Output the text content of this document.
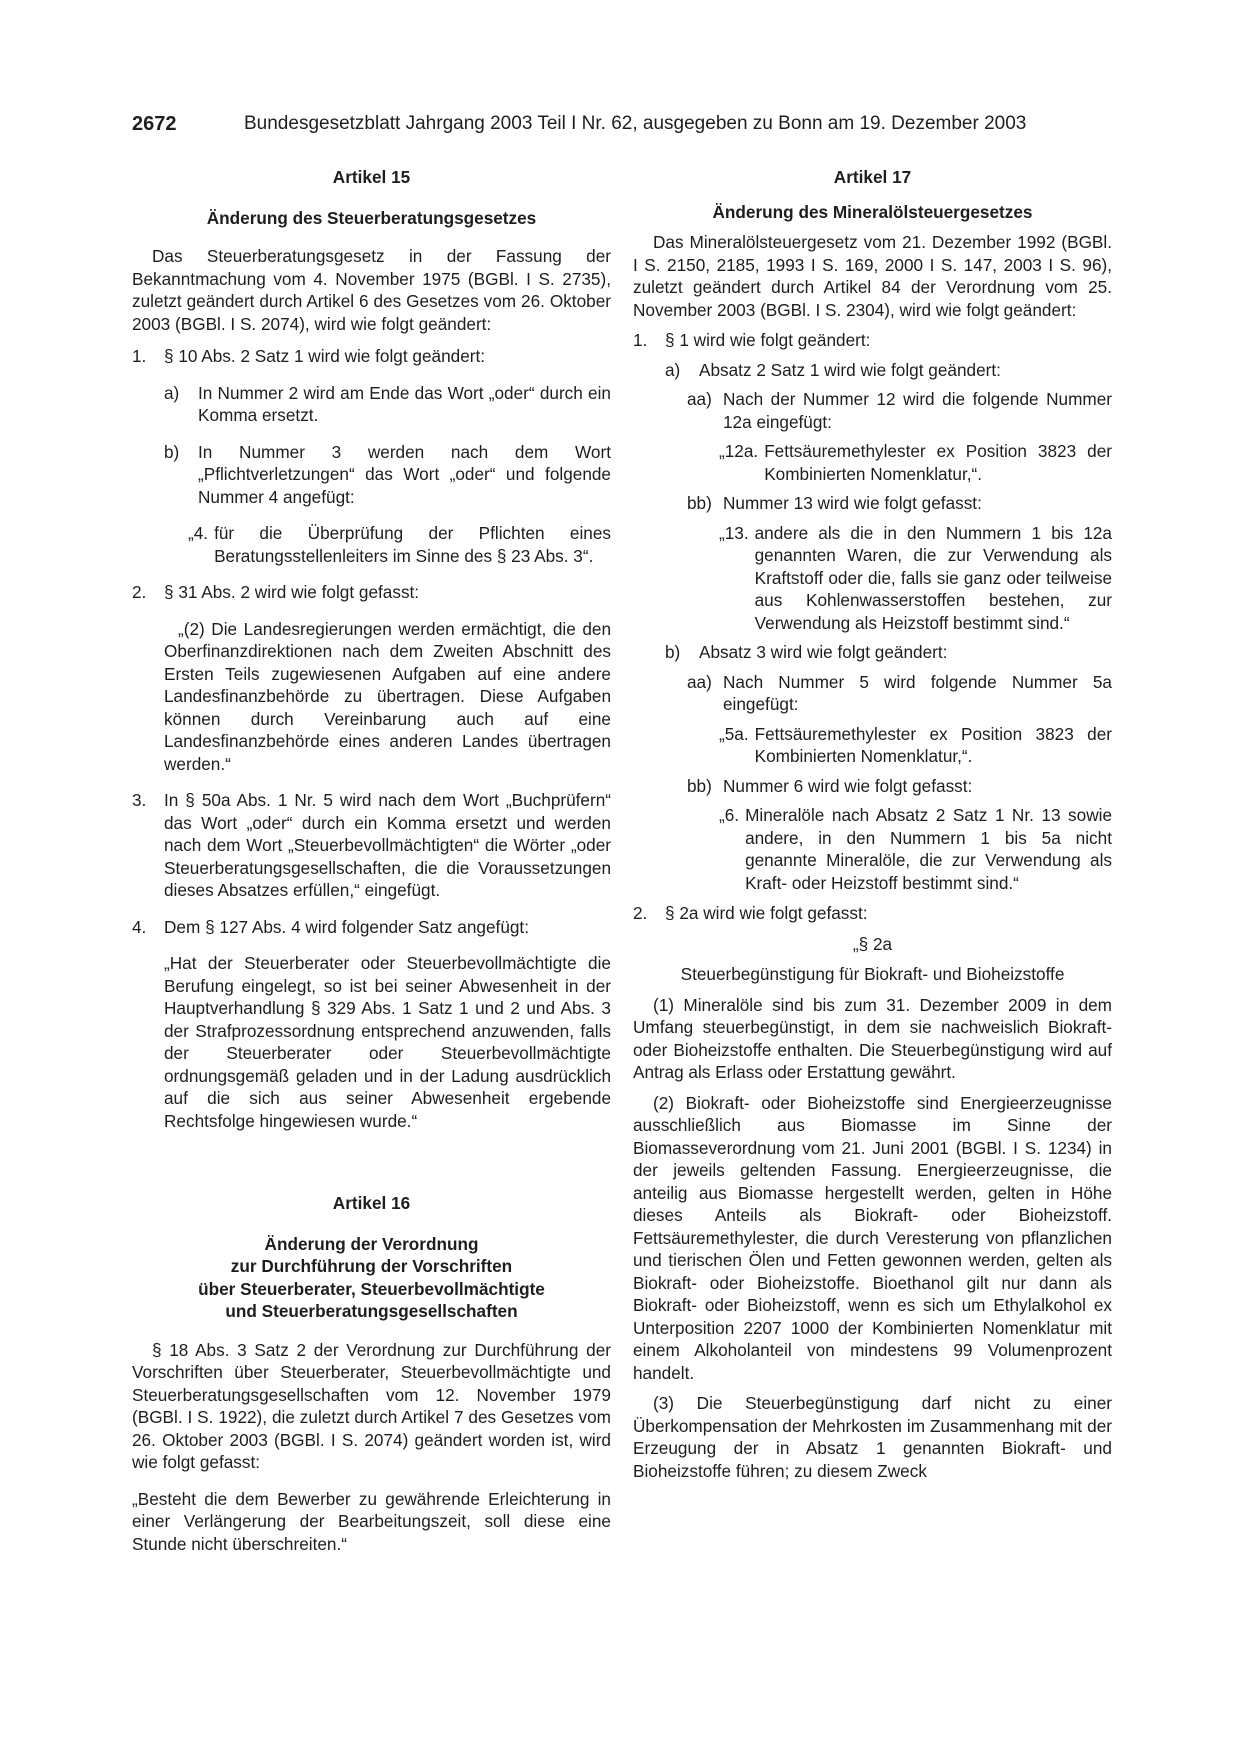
2672	Bundesgesetzblatt Jahrgang 2003 Teil I Nr. 62, ausgegeben zu Bonn am 19. Dezember 2003

Artikel 15

Änderung des Steuerberatungsgesetzes

Das Steuerberatungsgesetz in der Fassung der Bekanntmachung vom 4. November 1975 (BGBl. I S. 2735), zuletzt geändert durch Artikel 6 des Gesetzes vom 26. Oktober 2003 (BGBl. I S. 2074), wird wie folgt geändert:

1.	§ 10 Abs. 2 Satz 1 wird wie folgt geändert:
a)	In Nummer 2 wird am Ende das Wort „oder“ durch ein Komma ersetzt.
b)	In Nummer 3 werden nach dem Wort „Pflichtverletzungen“ das Wort „oder“ und folgende Nummer 4 angefügt:
„4. für die Überprüfung der Pflichten eines Beratungsstellenleiters im Sinne des § 23 Abs. 3“.
2.	§ 31 Abs. 2 wird wie folgt gefasst:

„(2) Die Landesregierungen werden ermächtigt, die den Oberfinanzdirektionen nach dem Zweiten Abschnitt des Ersten Teils zugewiesenen Aufgaben auf eine andere Landesfinanzbehörde zu übertragen. Diese Aufgaben können durch Vereinbarung auch auf eine Landesfinanzbehörde eines anderen Landes übertragen werden.“

3.	In § 50a Abs. 1 Nr. 5 wird nach dem Wort „Buchprüfern“ das Wort „oder“ durch ein Komma ersetzt und werden nach dem Wort „Steuerbevollmächtigten“ die Wörter „oder Steuerberatungsgesellschaften, die die Voraussetzungen dieses Absatzes erfüllen,“ eingefügt.
4.	Dem § 127 Abs. 4 wird folgender Satz angefügt:

„Hat der Steuerberater oder Steuerbevollmächtigte die Berufung eingelegt, so ist bei seiner Abwesenheit in der Hauptverhandlung § 329 Abs. 1 Satz 1 und 2 und Abs. 3 der Strafprozessordnung entsprechend anzuwenden, falls der Steuerberater oder Steuerbevollmächtigte ordnungsgemäß geladen und in der Ladung ausdrücklich auf die sich aus seiner Abwesenheit ergebende Rechtsfolge hingewiesen wurde.“

Artikel 16

Änderung der Verordnung

zur Durchführung der Vorschriften

über Steuerberater, Steuerbevollmächtigte

und Steuerberatungsgesellschaften

§ 18 Abs. 3 Satz 2 der Verordnung zur Durchführung der Vorschriften über Steuerberater, Steuerbevollmächtigte und Steuerberatungsgesellschaften vom 12. November 1979 (BGBl. I S. 1922), die zuletzt durch Artikel 7 des Gesetzes vom 26. Oktober 2003 (BGBl. I S. 2074) geändert worden ist, wird wie folgt gefasst:

„Besteht die dem Bewerber zu gewährende Erleichterung in einer Verlängerung der Bearbeitungszeit, soll diese eine Stunde nicht überschreiten.“

Artikel 17

Änderung des Mineralölsteuergesetzes

Das Mineralölsteuergesetz vom 21. Dezember 1992 (BGBl. I S. 2150, 2185, 1993 I S. 169, 2000 I S. 147, 2003 I S. 96), zuletzt geändert durch Artikel 84 der Verordnung vom 25. November 2003 (BGBl. I S. 2304), wird wie folgt geändert:

1.	§ 1 wird wie folgt geändert:
a)	Absatz 2 Satz 1 wird wie folgt geändert:
aa) Nach der Nummer 12 wird die folgende Nummer 12a eingefügt:
„12a. Fettsäuremethylester ex Position 3823 der Kombinierten Nomenklatur,“.
bb) Nummer 13 wird wie folgt gefasst:
„13. andere als die in den Nummern 1 bis 12a genannten Waren, die zur Verwendung als Kraftstoff oder die, falls sie ganz oder teilweise aus Kohlenwasserstoffen bestehen, zur Verwendung als Heizstoff bestimmt sind.“
b)	Absatz 3 wird wie folgt geändert:
aa) Nach Nummer 5 wird folgende Nummer 5a eingefügt:
„5a. Fettsäuremethylester ex Position 3823 der Kombinierten Nomenklatur,“.
bb) Nummer 6 wird wie folgt gefasst:
„6. Mineralöle nach Absatz 2 Satz 1 Nr. 13 sowie andere, in den Nummern 1 bis 5a nicht genannte Mineralöle, die zur Verwendung als Kraft- oder Heizstoff bestimmt sind.“
2.	§ 2a wird wie folgt gefasst:

„§ 2a

Steuerbegünstigung für Biokraft- und Bioheizstoffe

(1) Mineralöle sind bis zum 31. Dezember 2009 in dem Umfang steuerbegünstigt, in dem sie nachweislich Biokraft- oder Bioheizstoffe enthalten. Die Steuerbegünstigung wird auf Antrag als Erlass oder Erstattung gewährt.

(2) Biokraft- oder Bioheizstoffe sind Energieerzeugnisse ausschließlich aus Biomasse im Sinne der Biomasseverordnung vom 21. Juni 2001 (BGBl. I S. 1234) in der jeweils geltenden Fassung. Energieerzeugnisse, die anteilig aus Biomasse hergestellt werden, gelten in Höhe dieses Anteils als Biokraft- oder Bioheizstoff. Fettsäuremethylester, die durch Veresterung von pflanzlichen und tierischen Ölen und Fetten gewonnen werden, gelten als Biokraft- oder Bioheizstoffe. Bioethanol gilt nur dann als Biokraft- oder Bioheizstoff, wenn es sich um Ethylalkohol ex Unterposition 2207 1000 der Kombinierten Nomenklatur mit einem Alkoholanteil von mindestens 99 Volumenprozent handelt.

(3) Die Steuerbegünstigung darf nicht zu einer Überkompensation der Mehrkosten im Zusammenhang mit der Erzeugung der in Absatz 1 genannten Biokraft- und Bioheizstoffe führen; zu diesem Zweck
